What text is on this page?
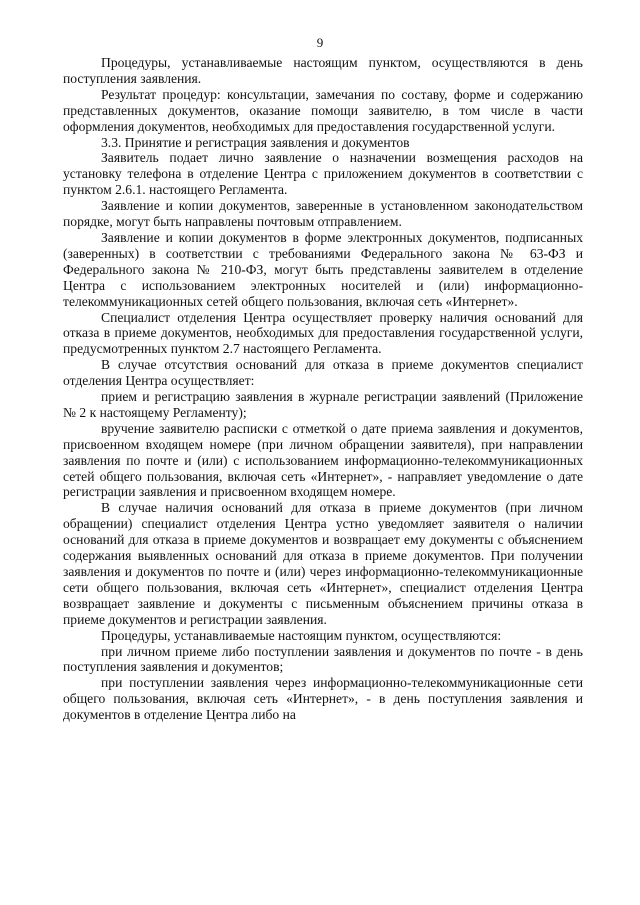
9

Процедуры, устанавливаемые настоящим пунктом, осуществляются в день поступления заявления.

Результат процедур: консультации, замечания по составу, форме и содержанию представленных документов, оказание помощи заявителю, в том числе в части оформления документов, необходимых для предоставления государственной услуги.

3.3. Принятие и регистрация заявления и документов

Заявитель подает лично заявление о назначении возмещения расходов на установку телефона в отделение Центра с приложением документов в соответствии с пунктом 2.6.1. настоящего Регламента.

Заявление и копии документов, заверенные в установленном законодательством порядке, могут быть направлены почтовым отправлением.

Заявление и копии документов в форме электронных документов, подписанных (заверенных) в соответствии с требованиями Федерального закона № 63-ФЗ и Федерального закона № 210-ФЗ, могут быть представлены заявителем в отделение Центра с использованием электронных носителей и (или) информационно-телекоммуникационных сетей общего пользования, включая сеть «Интернет».

Специалист отделения Центра осуществляет проверку наличия оснований для отказа в приеме документов, необходимых для предоставления государственной услуги, предусмотренных пунктом 2.7 настоящего Регламента.

В случае отсутствия оснований для отказа в приеме документов специалист отделения Центра осуществляет:

прием и регистрацию заявления в журнале регистрации заявлений (Приложение № 2 к настоящему Регламенту);

вручение заявителю расписки с отметкой о дате приема заявления и документов, присвоенном входящем номере (при личном обращении заявителя), при направлении заявления по почте и (или) с использованием информационно-телекоммуникационных сетей общего пользования, включая сеть «Интернет», - направляет уведомление о дате регистрации заявления и присвоенном входящем номере.

В случае наличия оснований для отказа в приеме документов (при личном обращении) специалист отделения Центра устно уведомляет заявителя о наличии оснований для отказа в приеме документов и возвращает ему документы с объяснением содержания выявленных оснований для отказа в приеме документов. При получении заявления и документов по почте и (или) через информационно-телекоммуникационные сети общего пользования, включая сеть «Интернет», специалист отделения Центра возвращает заявление и документы с письменным объяснением причины отказа в приеме документов и регистрации заявления.

Процедуры, устанавливаемые настоящим пунктом, осуществляются:

при личном приеме либо поступлении заявления и документов по почте - в день поступления заявления и документов;

при поступлении заявления через информационно-телекоммуникационные сети общего пользования, включая сеть «Интернет», - в день поступления заявления и документов в отделение Центра либо на
